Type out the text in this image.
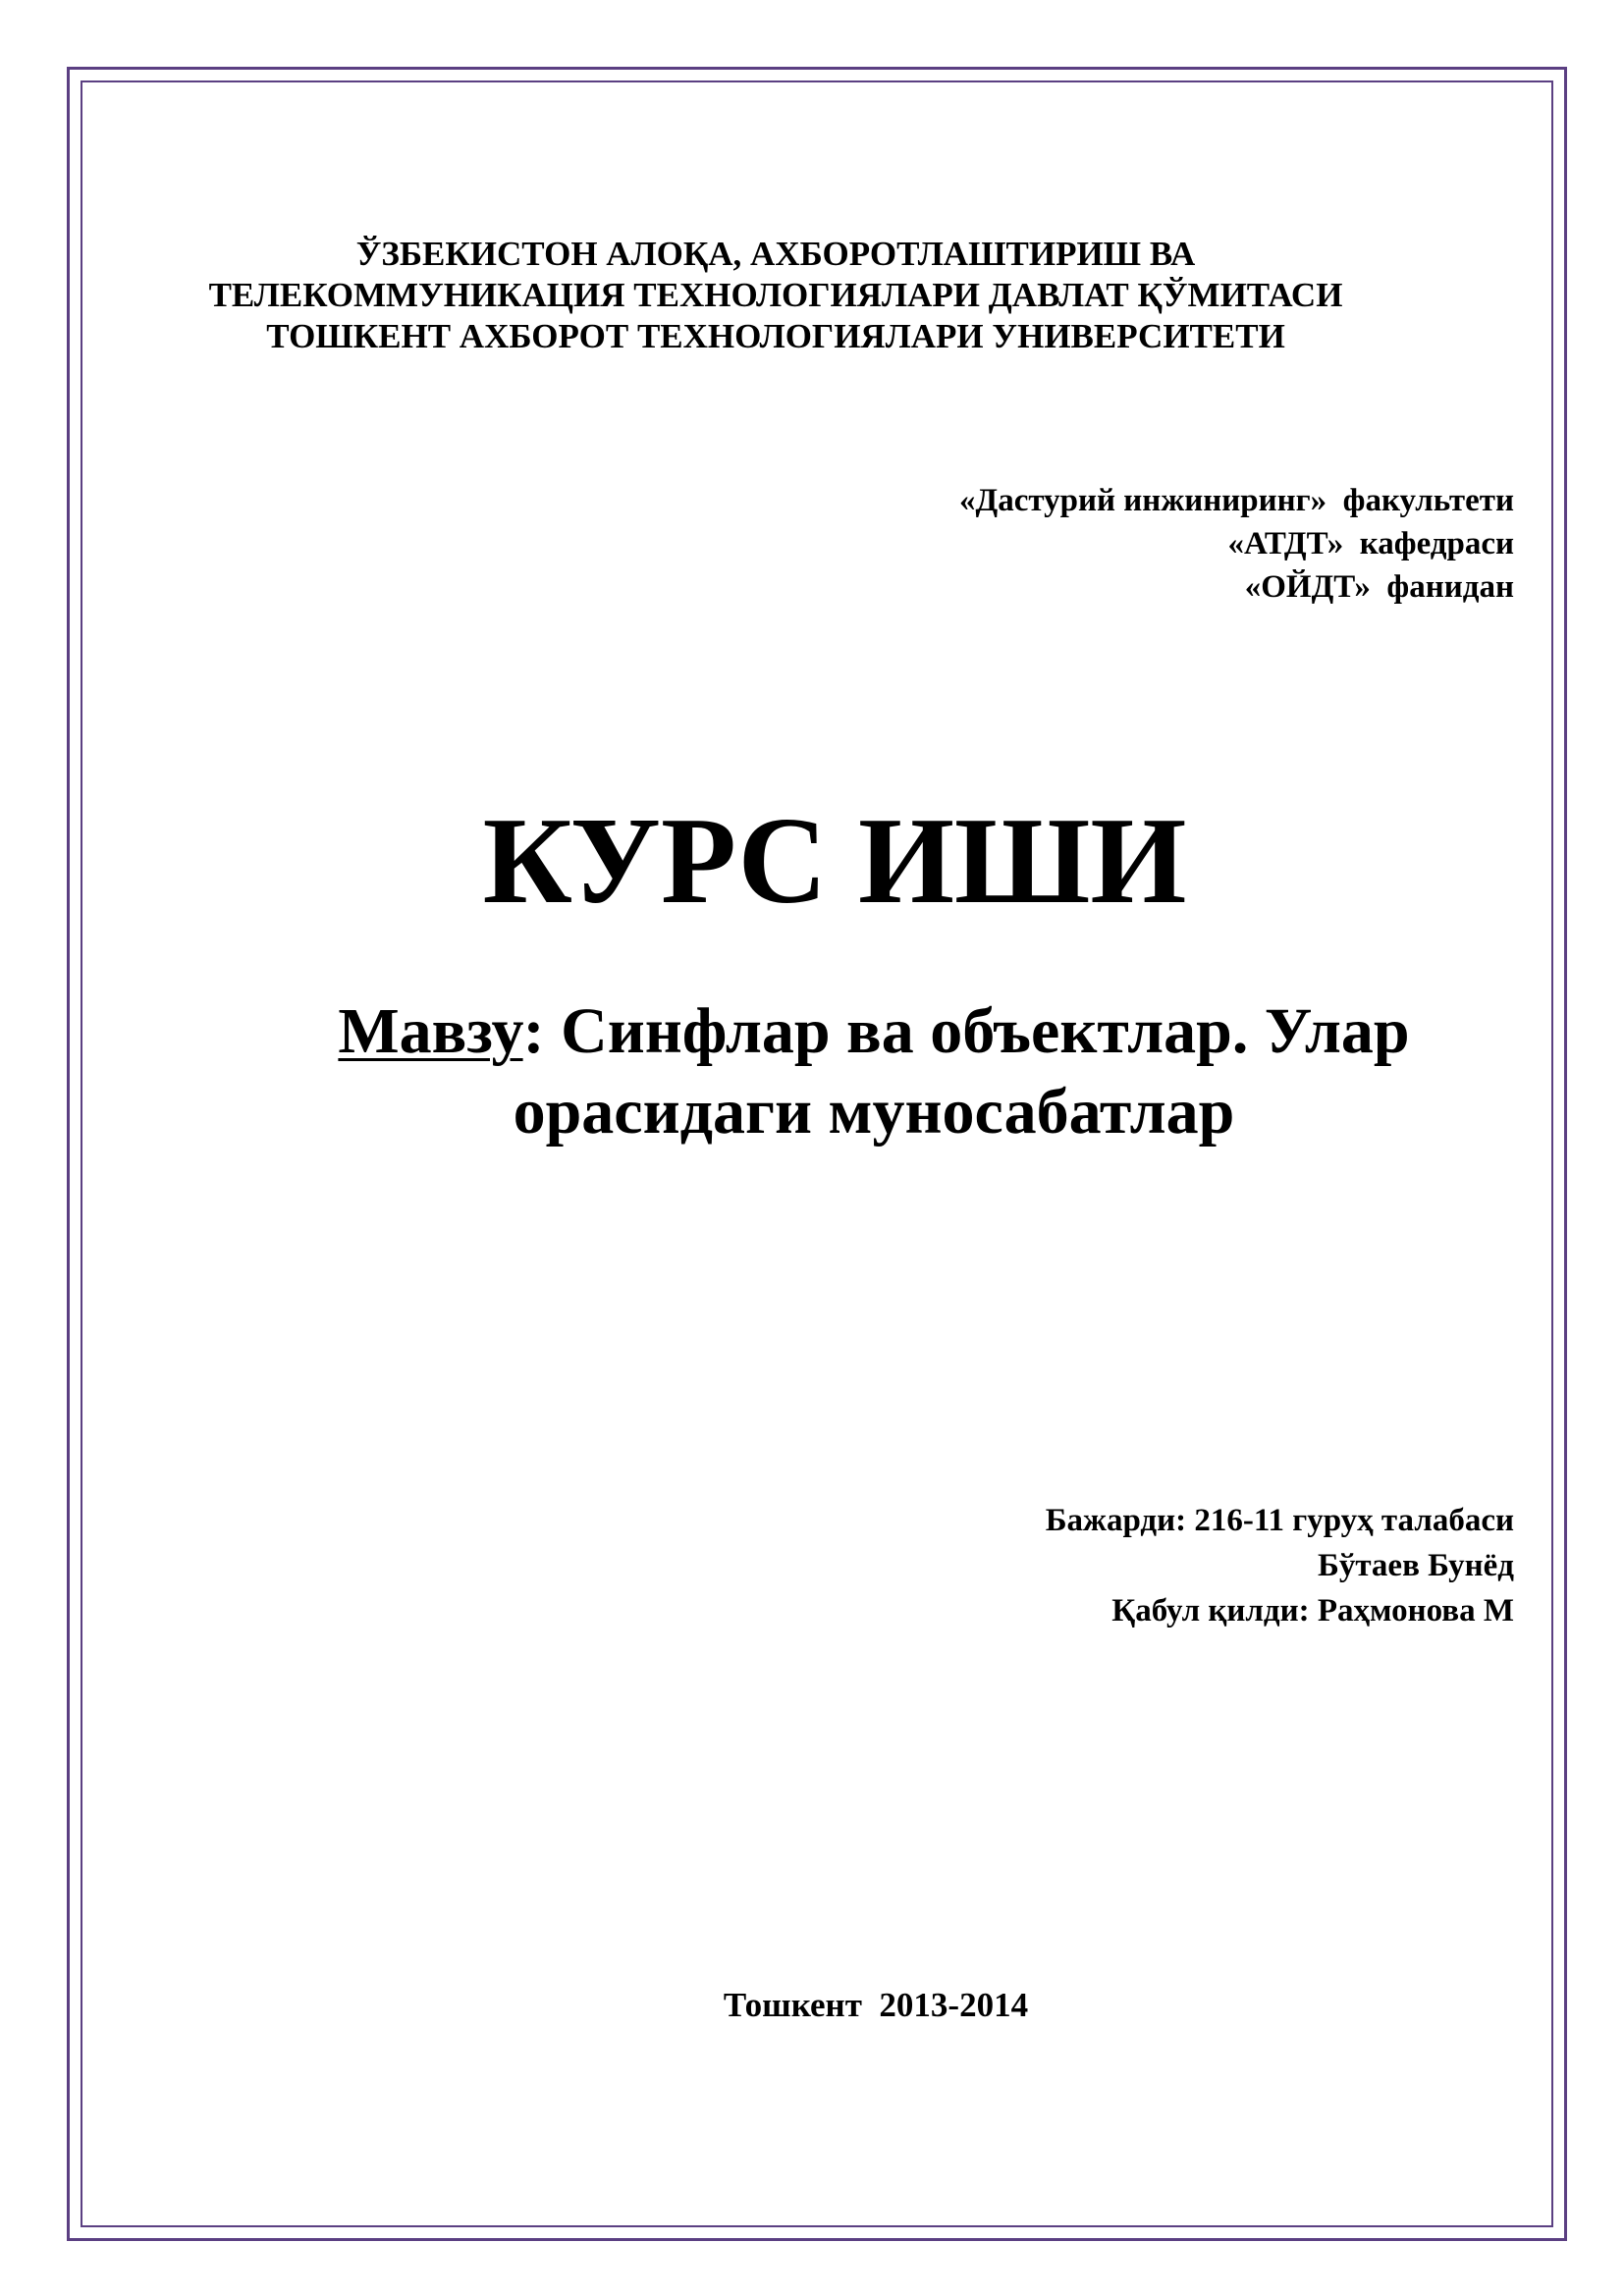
ЎЗБЕКИСТОН АЛОҚА, АХБОРОТЛАШТИРИШ ВА
ТЕЛЕКОММУНИКАЦИЯ ТЕХНОЛОГИЯЛАРИ ДАВЛАТ ҚЎМИТАСИ
ТОШКЕНТ АХБОРОТ ТЕХНОЛОГИЯЛАРИ УНИВЕРСИТЕТИ
«Дастурий инжиниринг»  факультети
«АТДТ»  кафедраси
«ОЙДТ»  фанидан
КУРС ИШИ
Мавзу: Синфлар ва объектлар. Улар
орасидаги муносабатлар
Бажарди: 216-11 гуруҳ талабаси
Бўтаев Бунёд
Қабул қилди: Раҳмонова М
Тошкент  2013-2014
